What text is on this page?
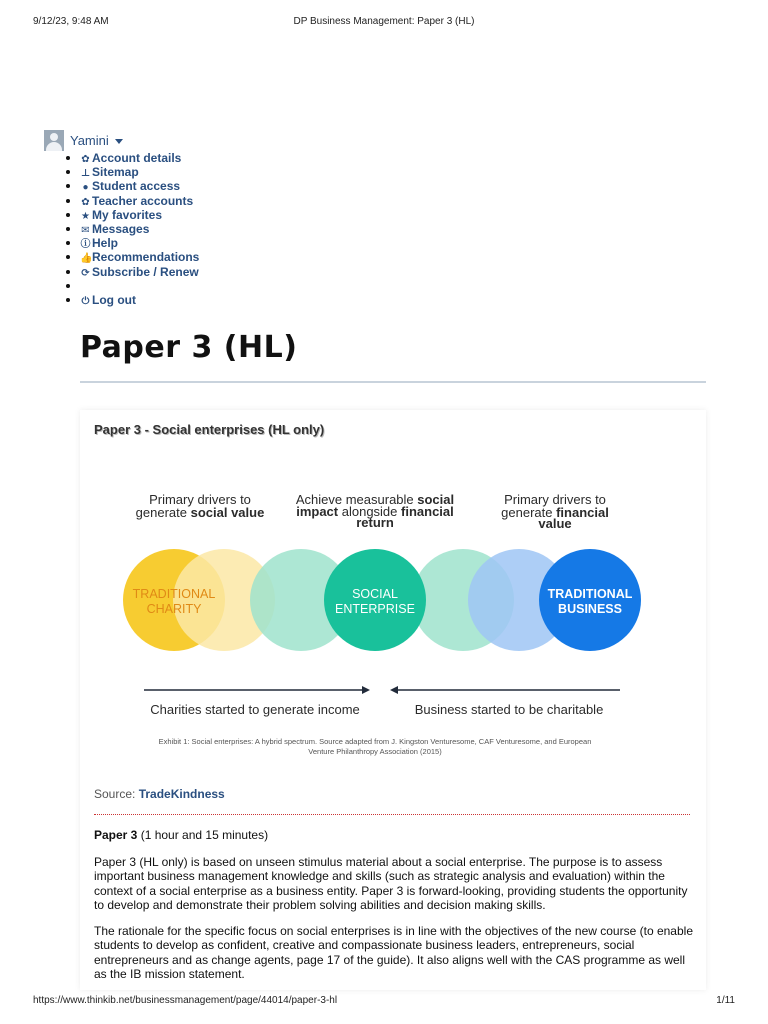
9/12/23, 9:48 AM	DP Business Management: Paper 3 (HL)
Yamini
✿ Account details
⊥ Sitemap
● Student access
✿ Teacher accounts
★ My favorites
✉ Messages
ⓘ Help
👍Recommendations
⟳ Subscribe / Renew
⏻ Log out
Paper 3 (HL)
Paper 3 - Social enterprises (HL only)
Primary drivers to
generate social value
Achieve measurable social
impact alongside financial
return
Primary drivers to
generate financial
value
TRADITIONAL
CHARITY
SOCIAL
ENTERPRISE
TRADITIONAL
BUSINESS
Charities started to generate income	Business started to be charitable
Exhibit 1: Social enterprises: A hybrid spectrum. Source adapted from J. Kingston Venturesome, CAF Venturesome, and European
Venture Philanthropy Association (2015)
Source: TradeKindness
Paper 3 (1 hour and 15 minutes)

Paper 3 (HL only) is based on unseen stimulus material about a social enterprise. The purpose is to assess important business management knowledge and skills (such as strategic analysis and evaluation) within the context of a social enterprise as a business entity. Paper 3 is forward-looking, providing students the opportunity to develop and demonstrate their problem solving abilities and decision making skills.

The rationale for the specific focus on social enterprises is in line with the objectives of the new course (to enable students to develop as confident, creative and compassionate business leaders, entrepreneurs, social entrepreneurs and as change agents, page 17 of the guide). It also aligns well with the CAS programme as well as the IB mission statement.

https://www.thinkib.net/businessmanagement/page/44014/paper-3-hl	1/11
